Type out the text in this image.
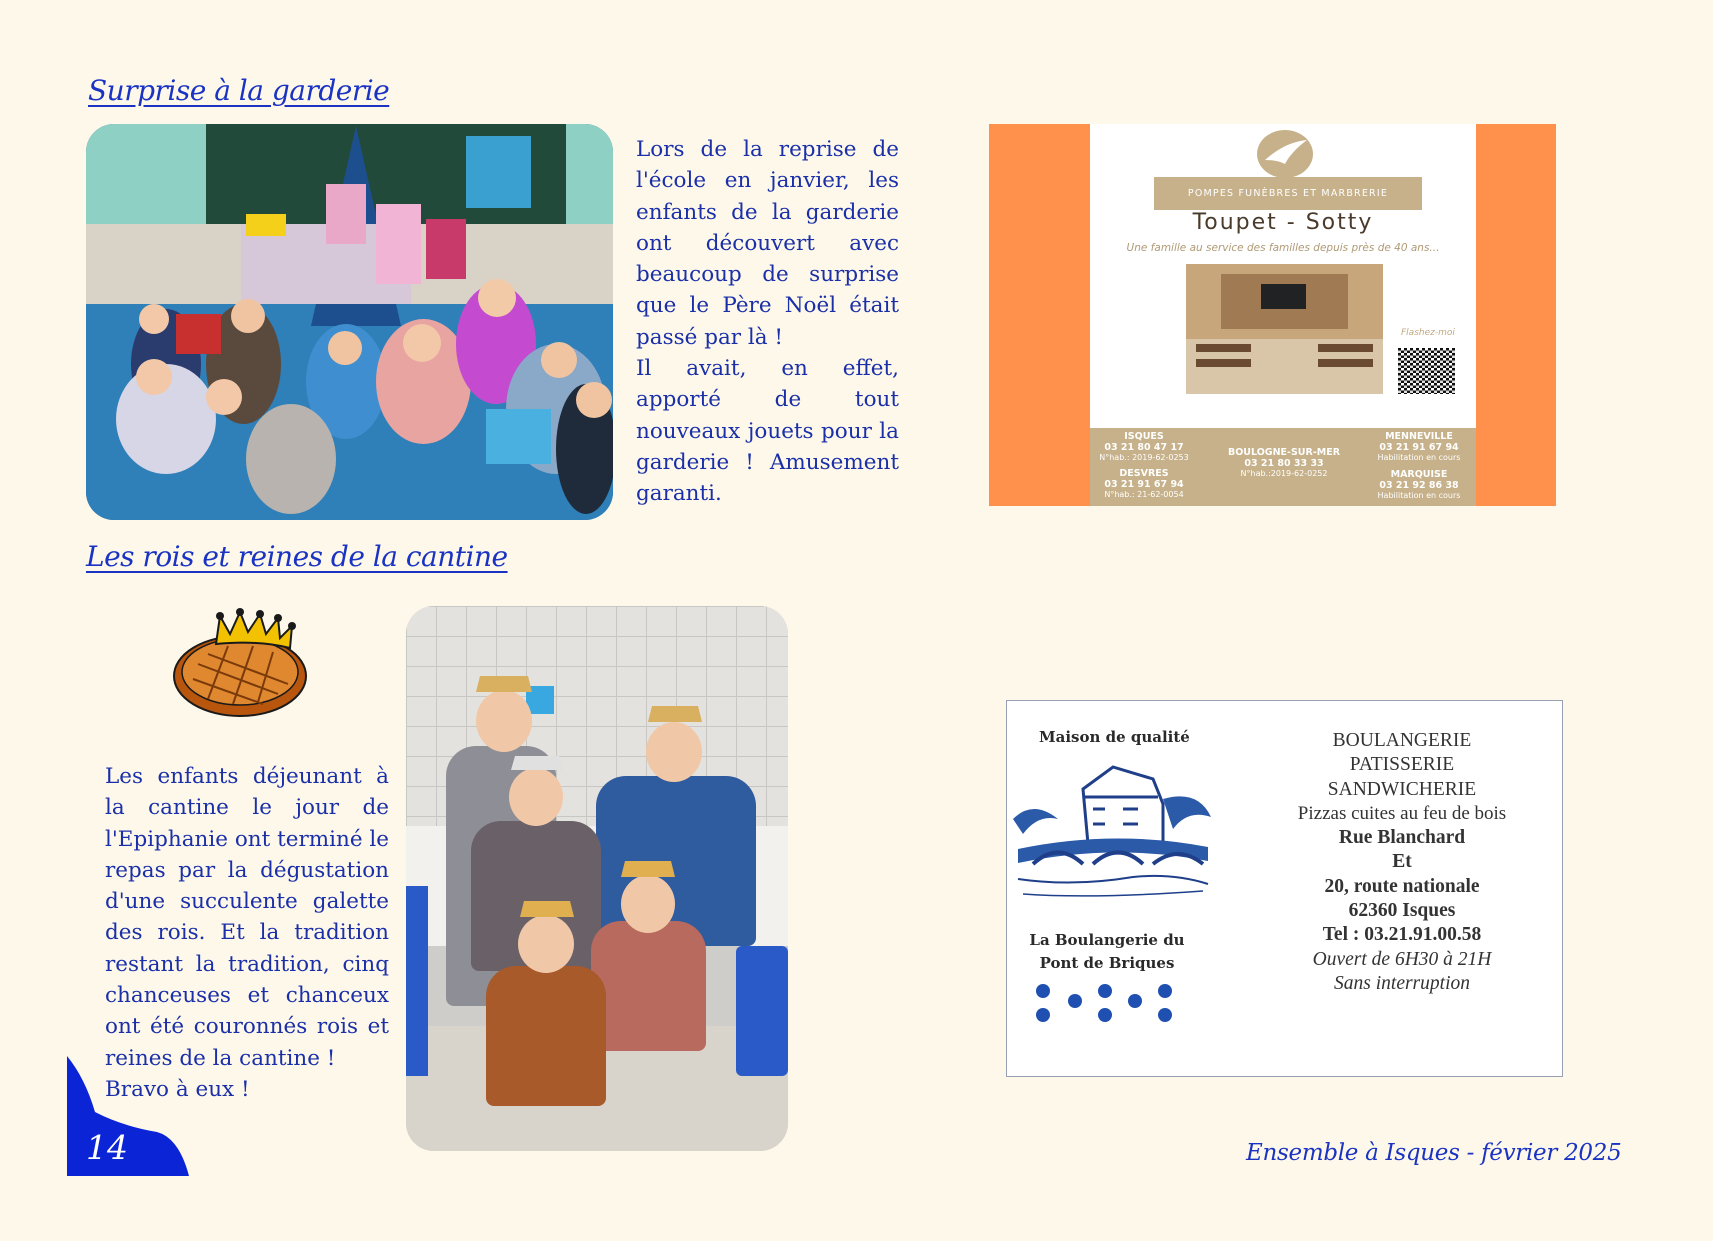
Surprise à la garderie
Lors de la reprise de
l'école en janvier, les
enfants de la garderie
ont découvert avec
beaucoup de surprise
que le Père Noël était
passé par là !
Il avait, en effet,
apporté de tout
nouveaux jouets pour la
garderie ! Amusement
garanti.
POMPES FUNÈBRES ET MARBRERIE
Toupet - Sotty
Une famille au service des familles depuis près de 40 ans...
Flashez-moi
ISQUES
03 21 80 47 17
N°hab.: 2019-62-0253
DESVRES
03 21 91 67 94
N°hab.: 21-62-0054
BOULOGNE-SUR-MER
03 21 80 33 33
N°hab.:2019-62-0252
MENNEVILLE
03 21 91 67 94
Habilitation en cours
MARQUISE
03 21 92 86 38
Habilitation en cours
Les rois et reines de la cantine
Les enfants déjeunant à
la cantine le jour de
l'Epiphanie ont terminé le
repas par la dégustation
d'une succulente galette
des rois. Et la tradition
restant la tradition, cinq
chanceuses et chanceux
ont été couronnés rois et
reines de la cantine !
Bravo à eux !
Maison de qualité
La Boulangerie du
Pont de Briques
BOULANGERIE
PATISSERIE
SANDWICHERIE
Pizzas cuites au feu de bois
Rue Blanchard
Et
20, route nationale
62360 Isques
Tel : 03.21.91.00.58
Ouvert de 6H30 à 21H
Sans interruption
14	Ensemble à Isques - février 2025
